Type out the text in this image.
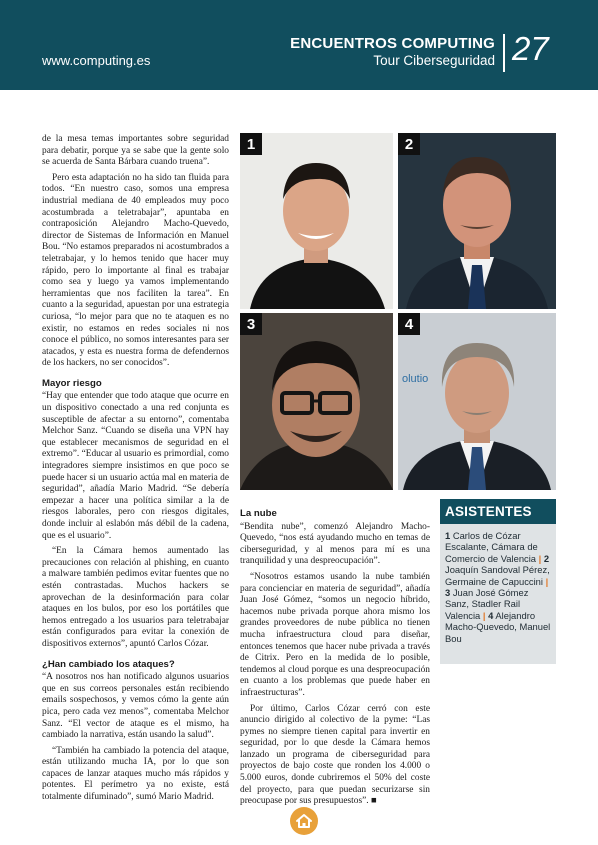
www.computing.es
ENCUENTROS COMPUTING
Tour Ciberseguridad 27

de la mesa temas importantes sobre seguridad para debatir, porque ya se sabe que la gente solo se acuerda de Santa Bárbara cuando truena”.

Pero esta adaptación no ha sido tan fluida para todos. “En nuestro caso, somos una empresa industrial mediana de 40 empleados muy poco acostumbrada a teletrabajar”, apuntaba en contraposición Alejandro Macho-Quevedo, director de Sistemas de Información en Manuel Bou. “No estamos preparados ni acostumbrados a teletrabajar, y lo hemos tenido que hacer muy rápido, pero lo importante al final es trabajar como sea y luego ya vamos implementando herramientas que nos faciliten la tarea”. En cuanto a la seguridad, apuestan por una estrategia curiosa, “lo mejor para que no te ataquen es no existir, no estamos en redes sociales ni nos conoce el público, no somos interesantes para ser atacados, y esta es nuestra forma de defendernos de los hackers, no ser conocidos”.

Mayor riesgo

“Hay que entender que todo ataque que ocurre en un dispositivo conectado a una red conjunta es susceptible de afectar a su entorno”, comentaba Melchor Sanz. “Cuando se diseña una VPN hay que establecer mecanismos de seguridad en el extremo”. “Educar al usuario es primordial, como integradores siempre insistimos en que poco se puede hacer si un usuario actúa mal en materia de seguridad”, añadía Mario Madrid. “Se debería empezar a hacer una política similar a la de riesgos laborales, pero con riesgos digitales, donde incluir al eslabón más débil de la cadena, que es el usuario”.

“En la Cámara hemos aumentado las precauciones con relación al phishing, en cuanto a malware también pedimos evitar fuentes que no estén contrastadas. Muchos hackers se aprovechan de la desinformación para colar ataques en los bulos, por eso los portátiles que hemos entregado a los usuarios para teletrabajar están configurados para evitar la conexión de dispositivos externos”, apuntó Carlos Cózar.

¿Han cambiado los ataques?

“A nosotros nos han notificado algunos usuarios que en sus correos personales están recibiendo emails sospechosos, y vemos cómo la gente aún pica, pero cada vez menos”, comentaba Melchor Sanz. “El vector de ataque es el mismo, ha cambiado la narrativa, están usando la salud”.

“También ha cambiado la potencia del ataque, están utilizando mucha IA, por lo que son capaces de lanzar ataques mucho más rápidos y potentes. El perímetro ya no existe, está totalmente difuminado”, sumó Mario Madrid.

1	2
3	4
olutio
La nube

“Bendita nube”, comenzó Alejandro Macho-Quevedo, “nos está ayudando mucho en temas de ciberseguridad, y al menos para mí es una tranquilidad y una despreocupación”.

“Nosotros estamos usando la nube también para concienciar en materia de seguridad”, añadía Juan José Gómez, “somos un negocio híbrido, hacemos nube privada porque ahora mismo los grandes proveedores de nube pública no tienen mucha infraestructura cloud para diseñar, entonces tenemos que hacer nube privada a través de Citrix. Pero en la medida de lo posible, tendemos al cloud porque es una despreocupación en cuanto a los problemas que puede haber en infraestructuras”.

Por último, Carlos Cózar cerró con este anuncio dirigido al colectivo de la pyme: “Las pymes no siempre tienen capital para invertir en seguridad, por lo que desde la Cámara hemos lanzado un programa de ciberseguridad para proyectos de bajo coste que ronden los 4.000 o 5.000 euros, donde cubriremos el 50% del coste del proyecto, para que puedan securizarse sin preocupase por sus presupuestos”. ■

ASISTENTES
1 Carlos de Cózar Escalante, Cámara de Comercio de Valencia | 2 Joaquín Sandoval Pérez, Germaine de Capuccini | 3 Juan José Gómez Sanz, Stadler Rail Valencia | 4 Alejandro Macho-Quevedo, Manuel Bou
